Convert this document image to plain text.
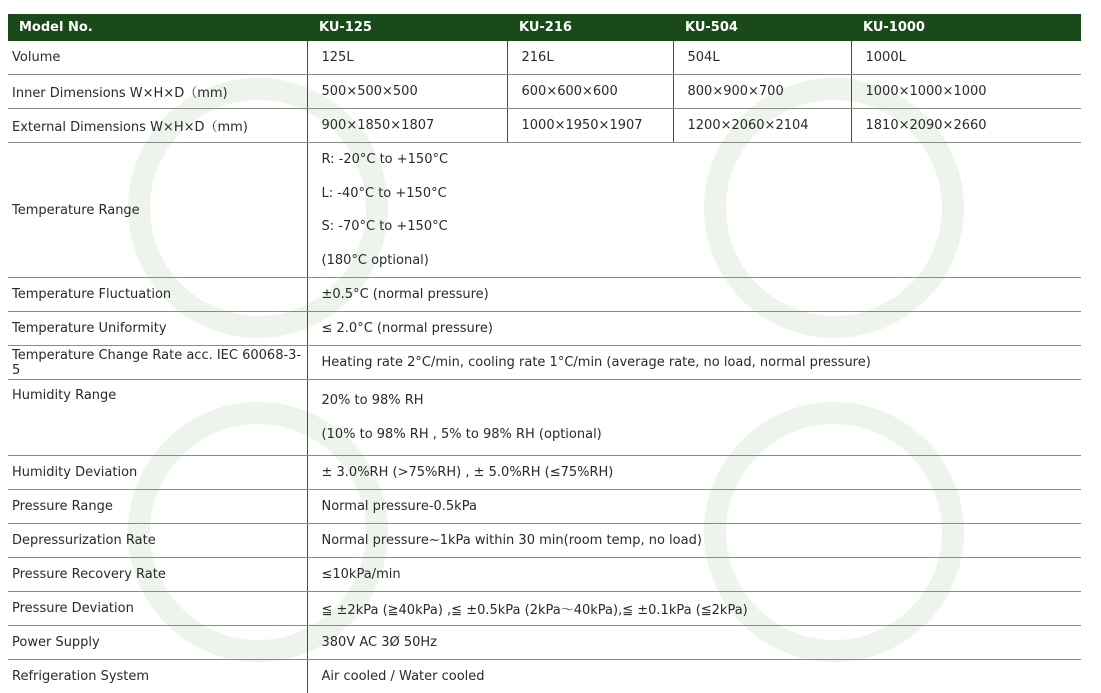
Model No.	KU-125	KU-216	KU-504	KU-1000
Volume	125L	216L	504L	1000L
Inner Dimensions W×H×D（mm)	500×500×500	600×600×600	800×900×700	1000×1000×1000
External Dimensions W×H×D（mm)	900×1850×1807	1000×1950×1907	1200×2060×2104	1810×2090×2660
Temperature Range	R: -20°C to +150°C
L: -40°C to +150°C
S: -70°C to +150°C
(180°C optional)			

Temperature Fluctuation	±0.5°C (normal pressure)			
Temperature Uniformity	≤ 2.0°C (normal pressure)			
Temperature Change Rate acc. IEC 60068-3-5	Heating rate 2°C/min, cooling rate 1°C/min (average rate, no load, normal pressure)			
Humidity Range	20% to 98% RH
(10% to 98% RH , 5% to 98% RH (optional)			

Humidity Deviation	± 3.0%RH (>75%RH) , ± 5.0%RH (≤75%RH)			
Pressure Range	Normal pressure-0.5kPa			
Depressurization Rate	Normal pressure~1kPa within 30 min(room temp, no load)			
Pressure Recovery Rate	≤10kPa/min			
Pressure Deviation	≦ ±2kPa (≧40kPa) ,≦ ±0.5kPa (2kPa～40kPa),≦ ±0.1kPa (≦2kPa)			
Power Supply	380V AC 3Ø 50Hz			
Refrigeration System	Air cooled / Water cooled			
